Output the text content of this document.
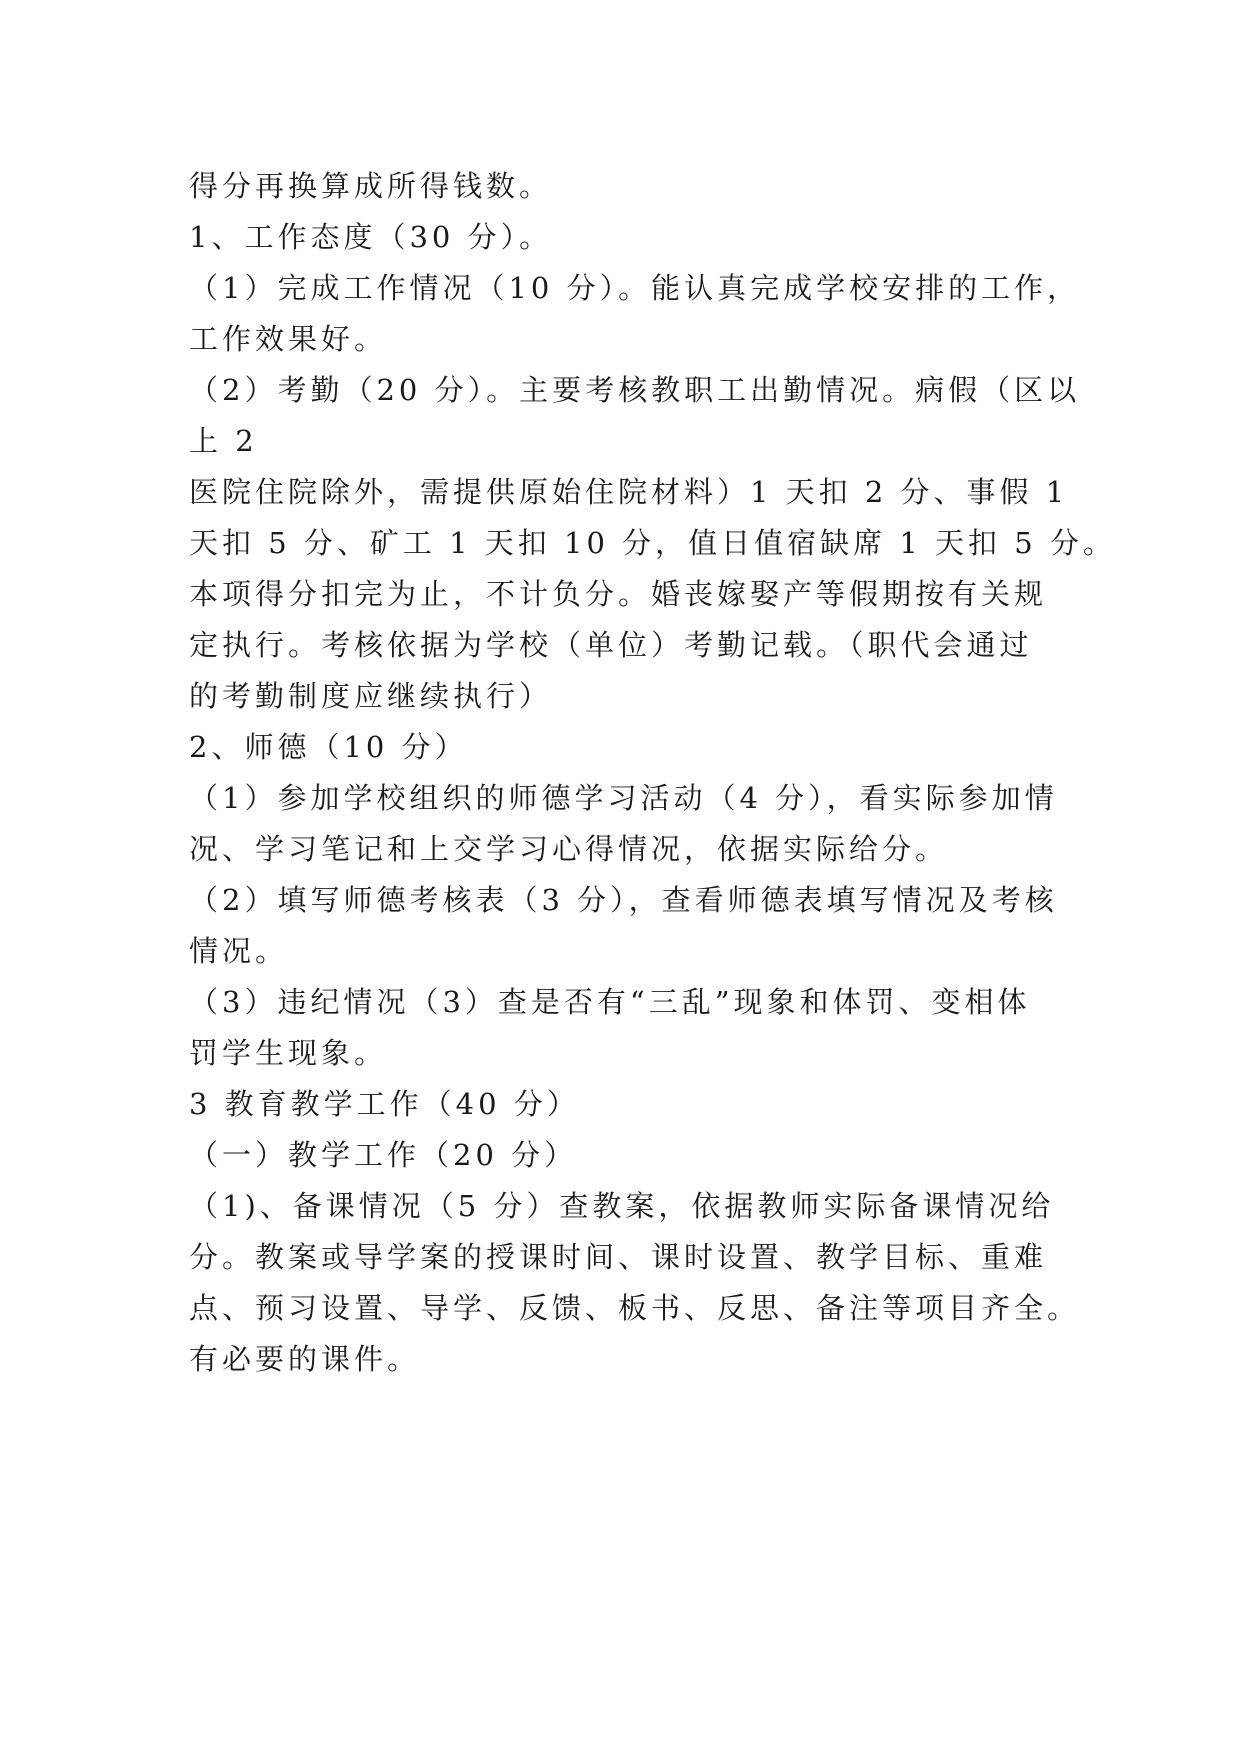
得分再换算成所得钱数。
1、工作态度（30 分）。
（1）完成工作情况（10 分）。能认真完成学校安排的工作，
工作效果好。
（2）考勤（20 分）。主要考核教职工出勤情况。病假（区以
上 2
医院住院除外，需提供原始住院材料）1 天扣 2 分、事假 1
天扣 5 分、矿工 1 天扣 10 分，值日值宿缺席 1 天扣 5 分。
本项得分扣完为止，不计负分。婚丧嫁娶产等假期按有关规
定执行。考核依据为学校（单位）考勤记载。（职代会通过
的考勤制度应继续执行）
2、师德（10 分）
（1）参加学校组织的师德学习活动（4 分），看实际参加情
况、学习笔记和上交学习心得情况，依据实际给分。
（2）填写师德考核表（3 分），查看师德表填写情况及考核
情况。
（3）违纪情况（3）查是否有“三乱”现象和体罚、变相体
罚学生现象。
3 教育教学工作（40 分）
（一）教学工作（20 分）
（1)、备课情况（5 分）查教案，依据教师实际备课情况给
分。教案或导学案的授课时间、课时设置、教学目标、重难
点、预习设置、导学、反馈、板书、反思、备注等项目齐全。
有必要的课件。
